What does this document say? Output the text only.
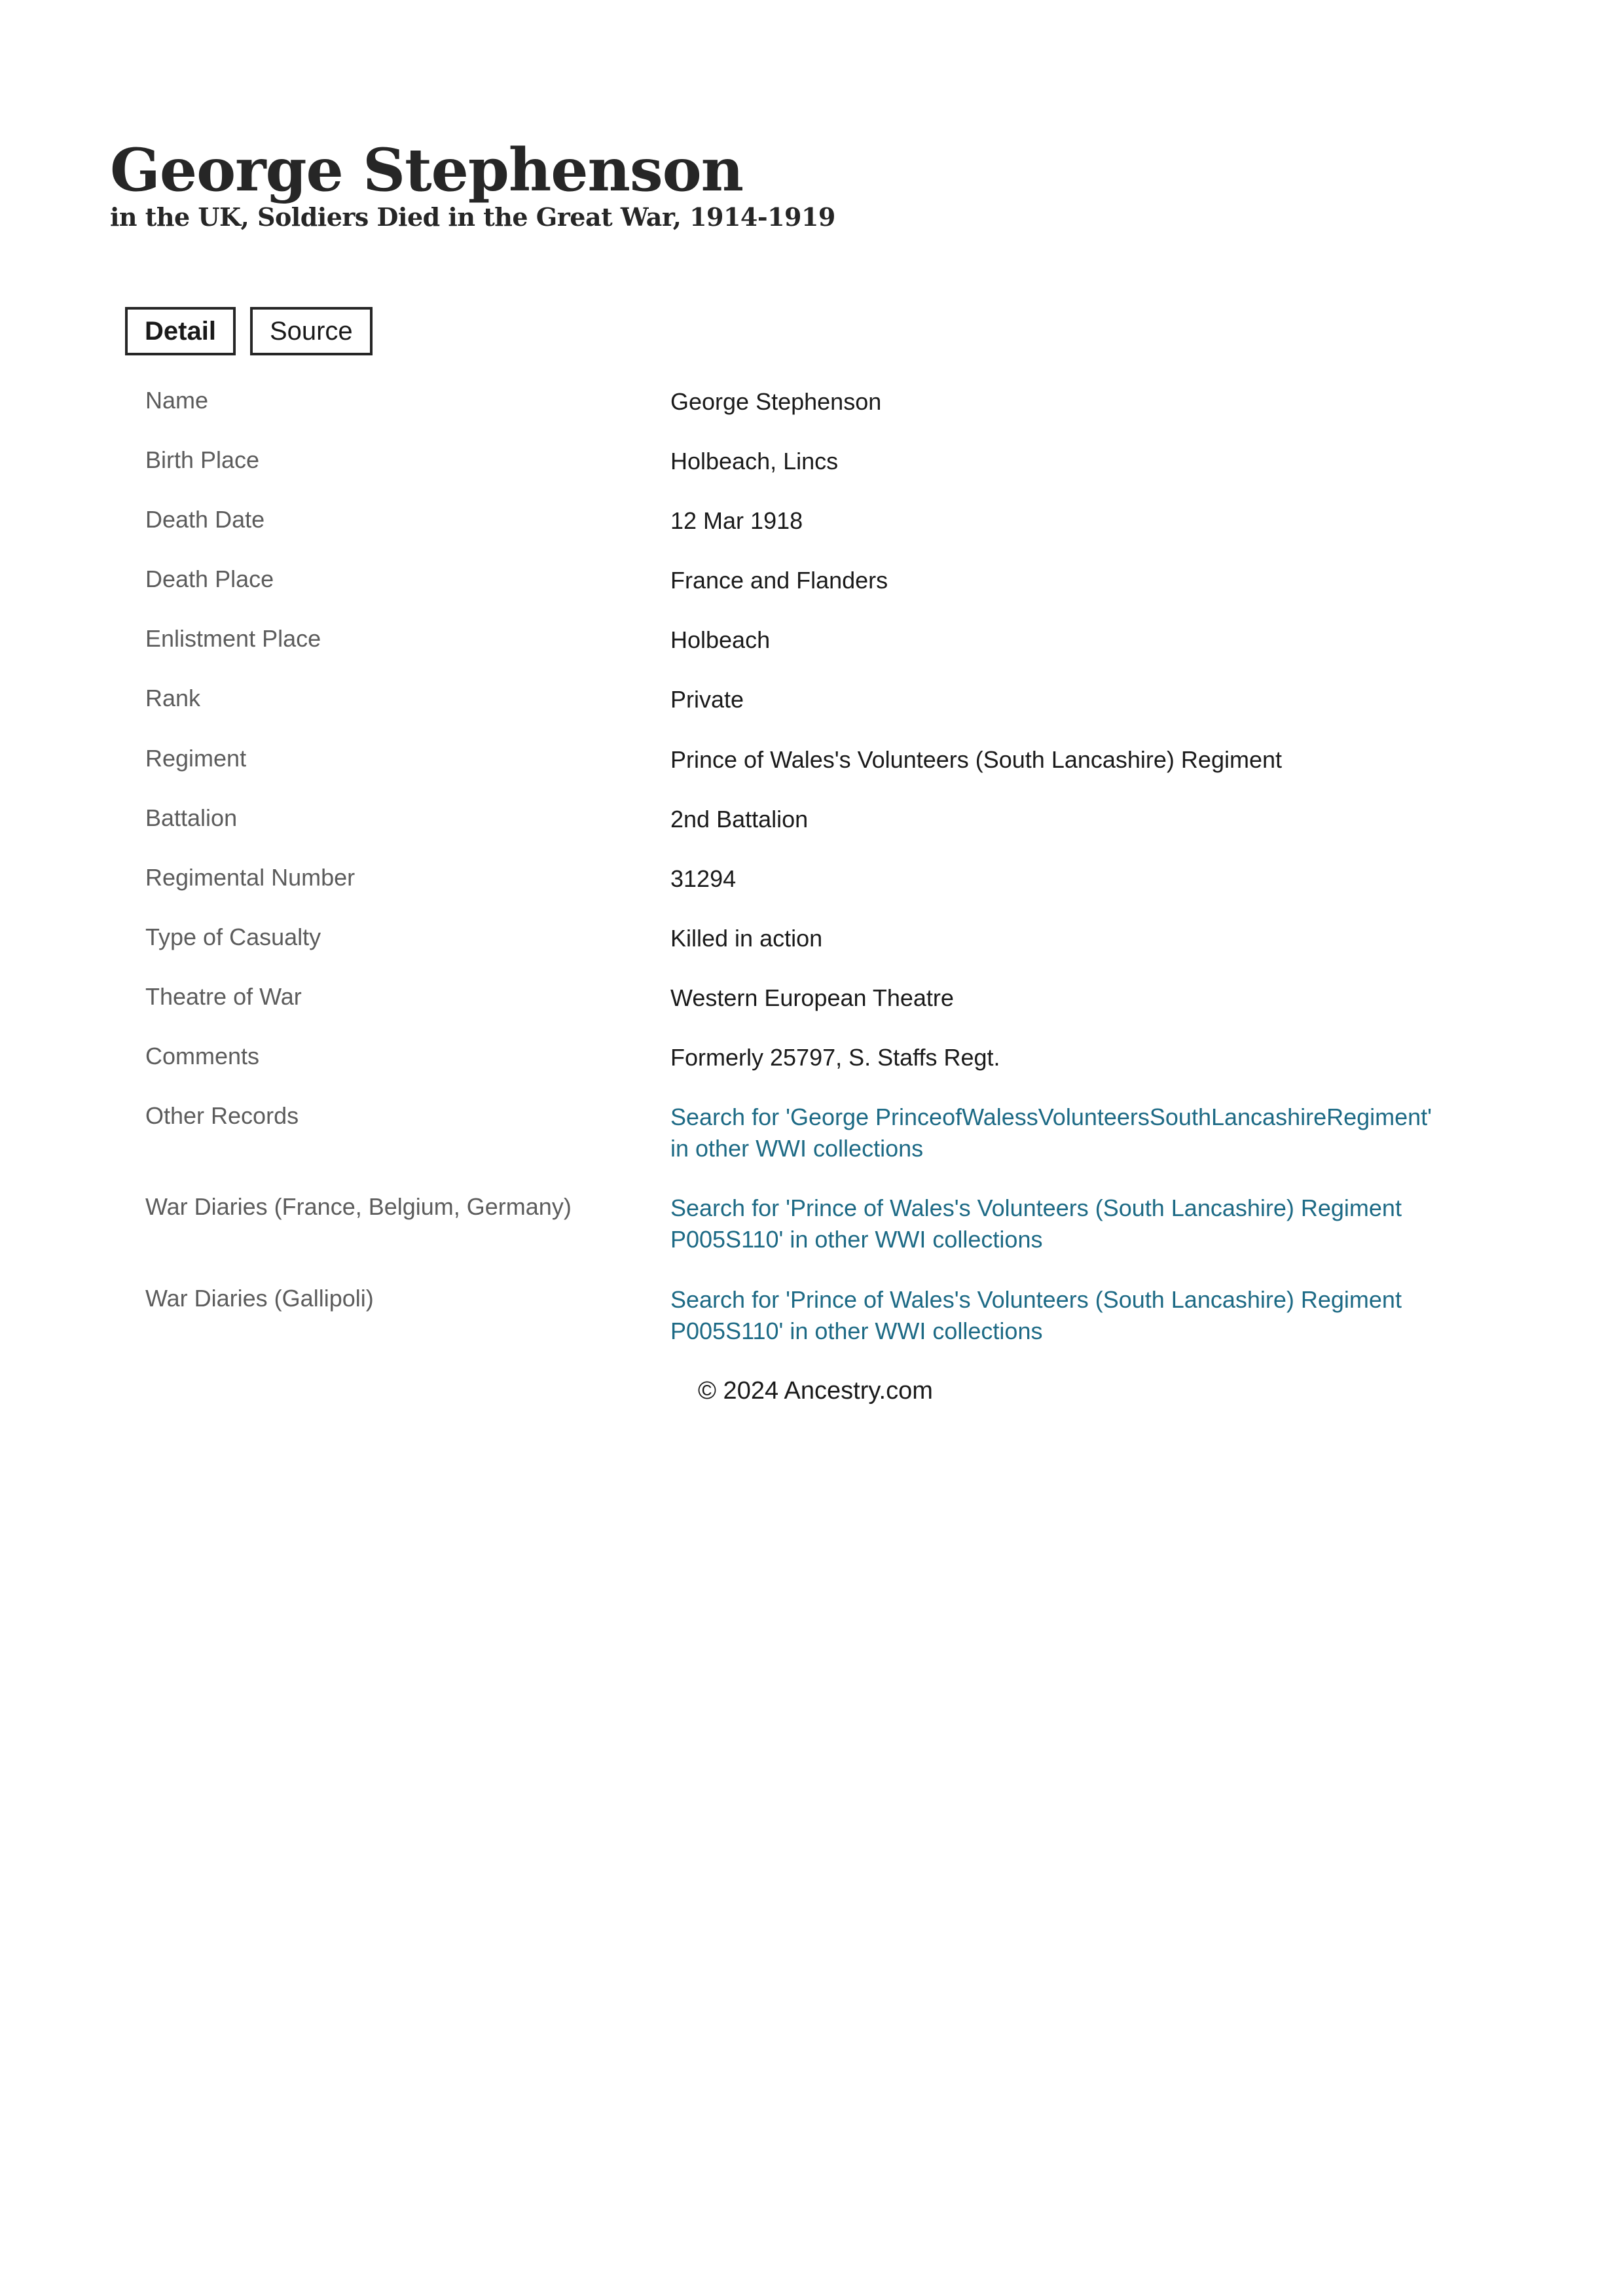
George Stephenson
in the UK, Soldiers Died in the Great War, 1914-1919
Detail	Source
Name	George Stephenson
Birth Place	Holbeach, Lincs
Death Date	12 Mar 1918
Death Place	France and Flanders
Enlistment Place	Holbeach
Rank	Private
Regiment	Prince of Wales's Volunteers (South Lancashire) Regiment
Battalion	2nd Battalion
Regimental Number	31294
Type of Casualty	Killed in action
Theatre of War	Western European Theatre
Comments	Formerly 25797, S. Staffs Regt.
Other Records	Search for 'George PrinceofWalessVolunteersSouthLancashireRegiment'
in other WWI collections
War Diaries (France, Belgium, Germany)	Search for 'Prince of Wales's Volunteers (South Lancashire) Regiment
P005S110' in other WWI collections
War Diaries (Gallipoli)	Search for 'Prince of Wales's Volunteers (South Lancashire) Regiment
P005S110' in other WWI collections
© 2024 Ancestry.com
